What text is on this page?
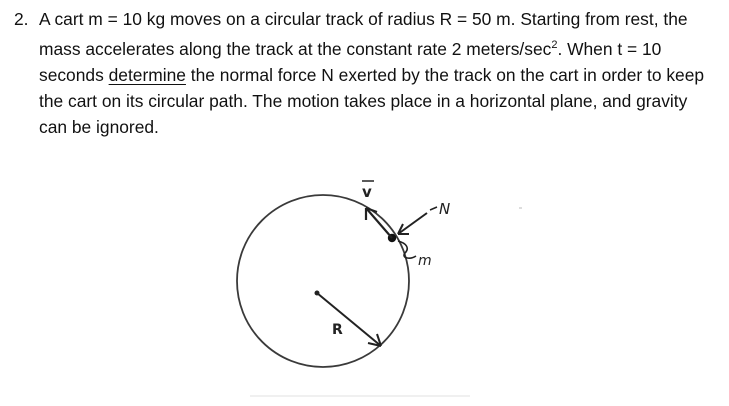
2. A cart m = 10 kg moves on a circular track of radius R = 50 m. Starting from rest, the mass accelerates along the track at the constant rate 2 meters/$\sec^2$. When t = 10 seconds determine the normal force N exerted by the track on the cart in order to keep the cart on its circular path. The motion takes place in a horizontal plane, and gravity can be ignored.
v
N
m
R
